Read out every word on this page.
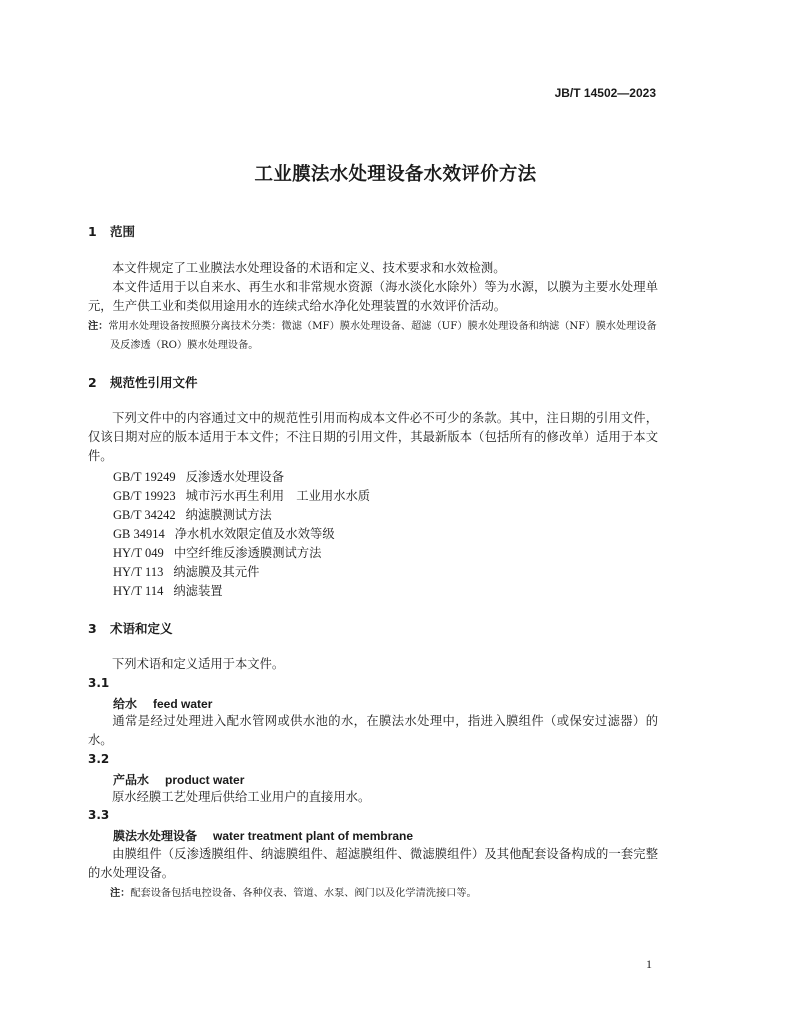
JB/T 14502—2023
工业膜法水处理设备水效评价方法
1 范围
本文件规定了工业膜法水处理设备的术语和定义、技术要求和水效检测。
本文件适用于以自来水、再生水和非常规水资源（海水淡化水除外）等为水源，以膜为主要水处理单元，生产供工业和类似用途用水的连续式给水净化处理装置的水效评价活动。
注：常用水处理设备按照膜分离技术分类：微滤（MF）膜水处理设备、超滤（UF）膜水处理设备和纳滤（NF）膜水处理设备及反渗透（RO）膜水处理设备。
2 规范性引用文件
下列文件中的内容通过文中的规范性引用而构成本文件必不可少的条款。其中，注日期的引用文件，仅该日期对应的版本适用于本文件；不注日期的引用文件，其最新版本（包括所有的修改单）适用于本文件。
GB/T 19249 反渗透水处理设备
GB/T 19923 城市污水再生利用　工业用水水质
GB/T 34242 纳滤膜测试方法
GB 34914 净水机水效限定值及水效等级
HY/T 049 中空纤维反渗透膜测试方法
HY/T 113 纳滤膜及其元件
HY/T 114 纳滤装置
3 术语和定义
下列术语和定义适用于本文件。
3.1
给水 feed water
通常是经过处理进入配水管网或供水池的水，在膜法水处理中，指进入膜组件（或保安过滤器）的水。
3.2
产品水 product water
原水经膜工艺处理后供给工业用户的直接用水。
3.3
膜法水处理设备 water treatment plant of membrane
由膜组件（反渗透膜组件、纳滤膜组件、超滤膜组件、微滤膜组件）及其他配套设备构成的一套完整的水处理设备。
注：配套设备包括电控设备、各种仪表、管道、水泵、阀门以及化学清洗接口等。
1
